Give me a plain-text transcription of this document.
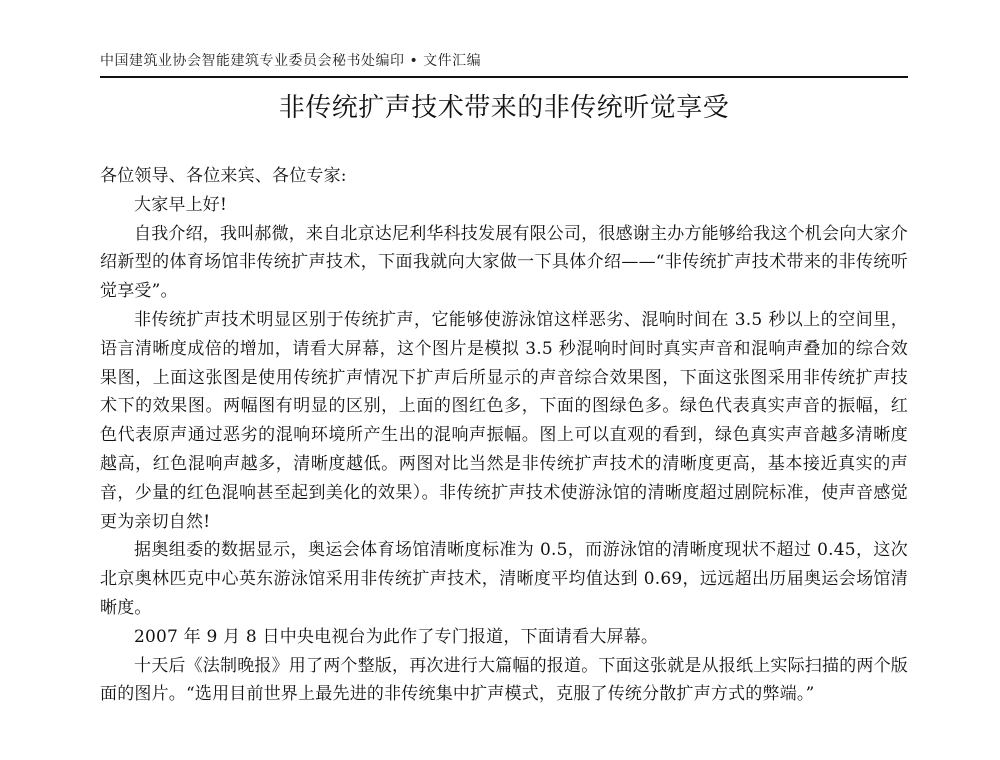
中国建筑业协会智能建筑专业委员会秘书处编印 • 文件汇编
非传统扩声技术带来的非传统听觉享受

各位领导、各位来宾、各位专家:

大家早上好!

自我介绍，我叫郝微，来自北京达尼利华科技发展有限公司，很感谢主办方能够给我这个机会向大家介绍新型的体育场馆非传统扩声技术，下面我就向大家做一下具体介绍——“非传统扩声技术带来的非传统听觉享受”。

非传统扩声技术明显区别于传统扩声，它能够使游泳馆这样恶劣、混响时间在 3.5 秒以上的空间里，语言清晰度成倍的增加，请看大屏幕，这个图片是模拟 3.5 秒混响时间时真实声音和混响声叠加的综合效果图，上面这张图是使用传统扩声情况下扩声后所显示的声音综合效果图，下面这张图采用非传统扩声技术下的效果图。两幅图有明显的区别，上面的图红色多，下面的图绿色多。绿色代表真实声音的振幅，红色代表原声通过恶劣的混响环境所产生出的混响声振幅。图上可以直观的看到，绿色真实声音越多清晰度越高，红色混响声越多，清晰度越低。两图对比当然是非传统扩声技术的清晰度更高，基本接近真实的声音，少量的红色混响甚至起到美化的效果）。非传统扩声技术使游泳馆的清晰度超过剧院标准，使声音感觉更为亲切自然!

据奥组委的数据显示，奥运会体育场馆清晰度标准为 0.5，而游泳馆的清晰度现状不超过 0.45，这次北京奥林匹克中心英东游泳馆采用非传统扩声技术，清晰度平均值达到 0.69，远远超出历届奥运会场馆清晰度。

2007 年 9 月 8 日中央电视台为此作了专门报道，下面请看大屏幕。

十天后《法制晚报》用了两个整版，再次进行大篇幅的报道。下面这张就是从报纸上实际扫描的两个版面的图片。“选用目前世界上最先进的非传统集中扩声模式，克服了传统分散扩声方式的弊端。”
